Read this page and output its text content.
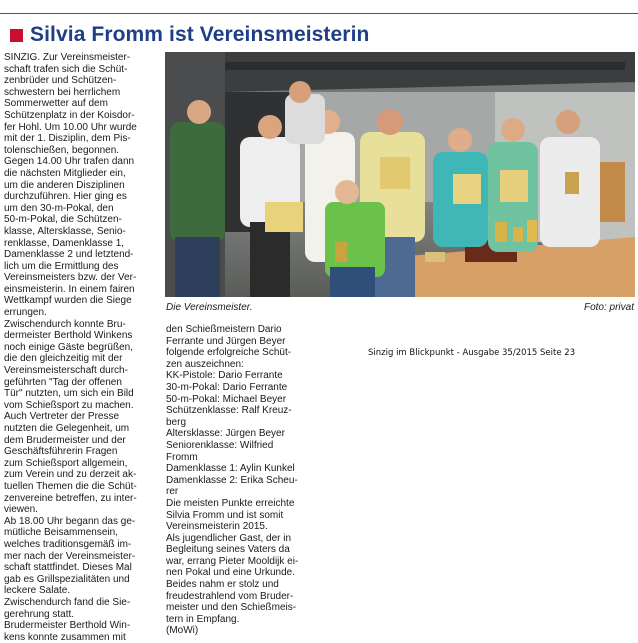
Silvia Fromm ist Vereinsmeisterin

SINZIG. Zur Vereinsmeister-

schaft trafen sich die Schüt-

zenbrüder und Schützen-

schwestern bei herrlichem

Sommerwetter auf dem

Schützenplatz in der Koisdor-

fer Hohl. Um 10.00 Uhr wurde

mit der 1. Disziplin, dem Pis-

tolenschießen, begonnen.

Gegen 14.00 Uhr trafen dann

die nächsten Mitglieder ein,

um die anderen Disziplinen

durchzuführen. Hier ging es

um den 30-m-Pokal, den

50-m-Pokal, die Schützen-

klasse, Altersklasse, Senio-

renklasse, Damenklasse 1,

Damenklasse 2 und letztend-

lich um die Ermittlung des

Vereinsmeisters bzw. der Ver-

einsmeisterin. In einem fairen

Wettkampf wurden die Siege

errungen.

Zwischendurch konnte Bru-

dermeister Berthold Winkens

noch einige Gäste begrüßen,

die den gleichzeitig mit der

Vereinsmeisterschaft durch-

geführten "Tag der offenen

Tür" nutzten, um sich ein Bild

vom Schießsport zu machen.

Auch Vertreter der Presse

nutzten die Gelegenheit, um

dem Brudermeister und der

Geschäftsführerin Fragen

zum Schießsport allgemein,

zum Verein und zu derzeit ak-

tuellen Themen die die Schüt-

zenvereine betreffen, zu inter-

viewen.

Ab 18.00 Uhr begann das ge-

mütliche Beisammensein,

welches traditionsgemäß im-

mer nach der Vereinsmeister-

schaft stattfindet. Dieses Mal

gab es Grillspezialitäten und

leckere Salate.

Zwischendurch fand die Sie-

gerehrung statt.

Brudermeister Berthold Win-

kens konnte zusammen mit

Die Vereinsmeister.	Foto: privat

den Schießmeistern Dario

Ferrante und Jürgen Beyer

folgende erfolgreiche Schüt-

zen auszeichnen:

KK-Pistole: Dario Ferrante

30-m-Pokal: Dario Ferrante

50-m-Pokal: Michael Beyer

Schützenklasse: Ralf Kreuz-

berg

Altersklasse: Jürgen Beyer

Seniorenklasse: Wilfried

Fromm

Damenklasse 1: Aylin Kunkel

Damenklasse 2: Erika Scheu-

rer

Die meisten Punkte erreichte

Silvia Fromm und ist somit

Vereinsmeisterin 2015.

Als jugendlicher Gast, der in

Begleitung seines Vaters da

war, errang Pieter Mooldijk ei-

nen Pokal und eine Urkunde.

Beides nahm er stolz und

freudestrahlend vom Bruder-

meister und den Schießmeis-

tern in Empfang.

(MoWi)

Sinzig im Blickpunkt - Ausgabe 35/2015 Seite 23
